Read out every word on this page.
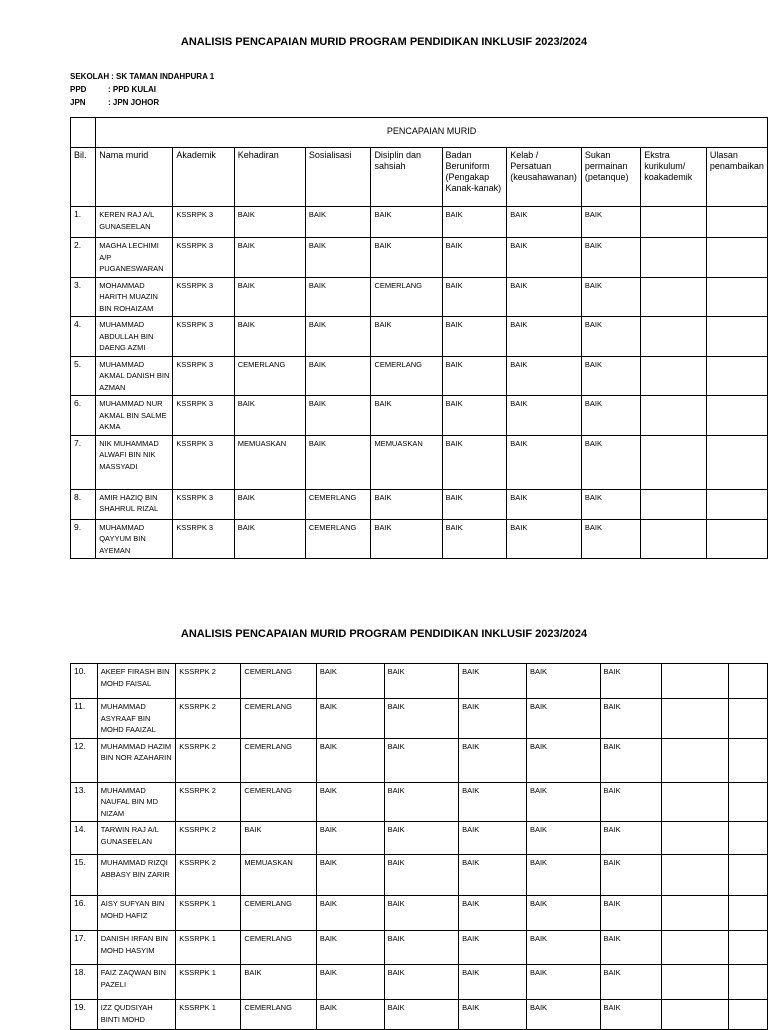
ANALISIS PENCAPAIAN MURID PROGRAM PENDIDIKAN INKLUSIF 2023/2024
SEKOLAH : SK TAMAN INDAHPURA 1
PPD	: PPD KULAI
JPN	: JPN JOHOR
	PENCAPAIAN MURID									
Bil.	Nama murid	Akademik	Kehadiran	Sosialisasi	Disiplin dan sahsiah	Badan Beruniform (Pengakap Kanak-kanak)	Kelab / Persatuan (keusahawanan)	Sukan permainan (petanque)	Ekstra kurikulum/ koakademik	Ulasan penambaikan
1.	KEREN RAJ A/L GUNASEELAN	KSSRPK 3	BAIK	BAIK	BAIK	BAIK	BAIK	BAIK		
2.	MAGHA LECHIMI A/P PUGANESWARAN	KSSRPK 3	BAIK	BAIK	BAIK	BAIK	BAIK	BAIK		
3.	MOHAMMAD HARITH MUAZIN BIN ROHAIZAM	KSSRPK 3	BAIK	BAIK	CEMERLANG	BAIK	BAIK	BAIK		
4.	MUHAMMAD ABDULLAH BIN DAENG AZMI	KSSRPK 3	BAIK	BAIK	BAIK	BAIK	BAIK	BAIK		
5.	MUHAMMAD AKMAL DANISH BIN AZMAN	KSSRPK 3	CEMERLANG	BAIK	CEMERLANG	BAIK	BAIK	BAIK		
6.	MUHAMMAD NUR AKMAL BIN SALME AKMA	KSSRPK 3	BAIK	BAIK	BAIK	BAIK	BAIK	BAIK		
7.	NIK MUHAMMAD ALWAFI BIN NIK MASSYADI	KSSRPK 3	MEMUASKAN	BAIK	MEMUASKAN	BAIK	BAIK	BAIK		
8.	AMIR HAZIQ BIN SHAHRUL RIZAL	KSSRPK 3	BAIK	CEMERLANG	BAIK	BAIK	BAIK	BAIK		
9.	MUHAMMAD QAYYUM BIN AYEMAN	KSSRPK 3	BAIK	CEMERLANG	BAIK	BAIK	BAIK	BAIK		
ANALISIS PENCAPAIAN MURID PROGRAM PENDIDIKAN INKLUSIF 2023/2024
10.	AKEEF FIRASH BIN MOHD FAISAL	KSSRPK 2	CEMERLANG	BAIK	BAIK	BAIK	BAIK	BAIK		
11.	MUHAMMAD ASYRAAF BIN MOHD FAAIZAL	KSSRPK 2	CEMERLANG	BAIK	BAIK	BAIK	BAIK	BAIK		
12.	MUHAMMAD HAZIM BIN NOR AZAHARIN	KSSRPK 2	CEMERLANG	BAIK	BAIK	BAIK	BAIK	BAIK		
13.	MUHAMMAD NAUFAL BIN MD NIZAM	KSSRPK 2	CEMERLANG	BAIK	BAIK	BAIK	BAIK	BAIK		
14.	TARWIN RAJ A/L GUNASEELAN	KSSRPK 2	BAIK	BAIK	BAIK	BAIK	BAIK	BAIK		
15.	MUHAMMAD RIZQI ABBASY BIN ZARIR	KSSRPK 2	MEMUASKAN	BAIK	BAIK	BAIK	BAIK	BAIK		
16.	AISY SUFYAN BIN MOHD HAFIZ	KSSRPK 1	CEMERLANG	BAIK	BAIK	BAIK	BAIK	BAIK		
17.	DANISH IRFAN BIN MOHD HASYIM	KSSRPK 1	CEMERLANG	BAIK	BAIK	BAIK	BAIK	BAIK		
18.	FAIZ ZAQWAN BIN PAZELI	KSSRPK 1	BAIK	BAIK	BAIK	BAIK	BAIK	BAIK		
19.	IZZ QUDSIYAH BINTI MOHD	KSSRPK 1	CEMERLANG	BAIK	BAIK	BAIK	BAIK	BAIK		
